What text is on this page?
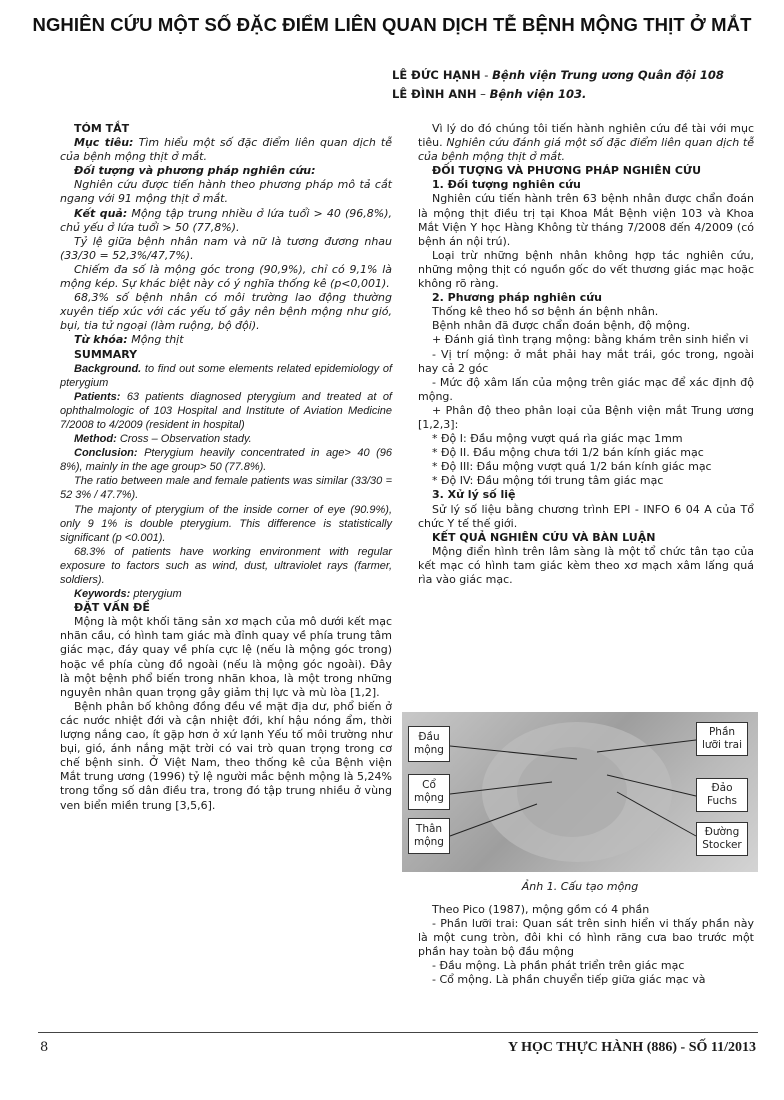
NGHIÊN CỨU MỘT SỐ ĐẶC ĐIỂM LIÊN QUAN DỊCH TỄ BỆNH MỘNG THỊT Ở MẮT
LÊ ĐỨC HẠNH - Bệnh viện Trung ương Quân đội 108
LÊ ĐÌNH ANH – Bệnh viện 103.

TÓM TẮT

Mục tiêu: Tìm hiểu một số đặc điểm liên quan dịch tễ của bệnh mộng thịt ở mắt.

Đối tượng và phương pháp nghiên cứu:

Nghiên cứu được tiến hành theo phương pháp mô tả cắt ngang với 91 mộng thịt ở mắt.

Kết quả: Mộng tập trung nhiều ở lứa tuổi > 40 (96,8%), chủ yếu ở lứa tuổi > 50 (77,8%).

Tỷ lệ giữa bệnh nhân nam và nữ là tương đương nhau (33/30 = 52,3%/47,7%).

Chiếm đa số là mộng góc trong (90,9%), chỉ có 9,1% là mộng kép. Sự khác biệt này có ý nghĩa thống kê (p<0,001).

68,3% số bệnh nhân có môi trường lao động thường xuyên tiếp xúc với các yếu tố gây nên bệnh mộng như gió, bụi, tia tử ngoại (làm ruộng, bộ đội).

Từ khóa: Mộng thịt

SUMMARY

Background. to find out some elements related epidemiology of pterygium

Patients: 63 patients diagnosed pterygium and treated at of ophthalmologic of 103 Hospital and Institute of Aviation Medicine 7/2008 to 4/2009 (resident in hospital)

Method: Cross – Observation stady.

Conclusion: Pterygium heavily concentrated in age> 40 (96 8%), mainly in the age group> 50 (77.8%).

The ratio between male and female patients was similar (33/30 = 52 3% / 47.7%).

The majonty of pterygium of the inside corner of eye (90.9%), only 9 1% is double pterygium. This difference is statistically significant (p <0.001).

68.3% of patients have working environment with regular exposure to factors such as wind, dust, ultraviolet rays (farmer, soldiers).

Keywords: pterygium

ĐẶT VẤN ĐỀ

Mộng là một khối tăng sản xơ mạch của mô dưới kết mạc nhãn cầu, có hình tam giác mà đỉnh quay về phía trung tâm giác mạc, đáy quay về phía cực lệ (nếu là mộng góc trong) hoặc về phía cùng đồ ngoài (nếu là mộng góc ngoài). Đây là một bệnh phổ biến trong nhãn khoa, là một trong những nguyên nhân quan trọng gây giảm thị lực và mù lòa [1,2].

Bệnh phân bố không đồng đều về mặt địa dư, phổ biến ở các nước nhiệt đới và cận nhiệt đới, khí hậu nóng ẩm, thời lượng nắng cao, ít gặp hơn ở xứ lạnh Yếu tố môi trường như bụi, gió, ánh nắng mặt trời có vai trò quan trọng trong cơ chế bệnh sinh. Ở Việt Nam, theo thống kê của Bệnh viện Mắt trung ương (1996) tỷ lệ người mắc bệnh mộng là 5,24% trong tổng số dân điều tra, trong đó tập trung nhiều ở vùng ven biển miền trung [3,5,6].

Vì lý do đó chúng tôi tiến hành nghiên cứu đề tài với mục tiêu. Nghiên cứu đánh giá một số đặc điểm liên quan dịch tễ của bệnh mộng thịt ở mắt.

ĐỐI TƯỢNG VÀ PHƯƠNG PHÁP NGHIÊN CỨU

1. Đối tượng nghiên cứu

Nghiên cứu tiến hành trên 63 bệnh nhân được chẩn đoán là mộng thịt điều trị tại Khoa Mắt Bệnh viện 103 và Khoa Mắt Viện Y học Hàng Không từ tháng 7/2008 đến 4/2009 (có bệnh án nội trú).

Loại trừ những bệnh nhân không hợp tác nghiên cứu, những mộng thịt có nguồn gốc do vết thương giác mạc hoặc không rõ ràng.

2. Phương pháp nghiên cứu

Thống kê theo hồ sơ bệnh án bệnh nhân.

Bệnh nhân đã được chẩn đoán bệnh, độ mộng.

+ Đánh giá tình trạng mộng: bằng khám trên sinh hiển vi

- Vị trí mộng: ở mắt phải hay mắt trái, góc trong, ngoài hay cả 2 góc

- Mức độ xâm lấn của mộng trên giác mạc để xác định độ mộng.

+ Phân độ theo phân loại của Bệnh viện mắt Trung ương [1,2,3]:

* Độ I: Đầu mộng vượt quá rìa giác mạc 1mm

* Độ II. Đầu mộng chưa tới 1/2 bán kính giác mạc

* Độ III: Đầu mộng vượt quá 1/2 bán kính giác mạc

* Độ IV: Đầu mộng tới trung tâm giác mạc

3. Xử lý số liệ

Sử lý số liệu bằng chương trình EPI - INFO 6 04 A của Tổ chức Y tế thế giới.

KẾT QUẢ NGHIÊN CỨU VÀ BÀN LUẬN

Mộng điển hình trên lâm sàng là một tổ chức tân tạo của kết mạc có hình tam giác kèm theo xơ mạch xâm lấng quá rìa vào giác mạc.

Đầu mộng
Cổ mộng
Thân mộng
Phần lưỡi trai
Đảo Fuchs
Đường Stocker
Ảnh 1. Cấu tạo mộng

Theo Pico (1987), mộng gồm có 4 phần

- Phần lưỡi trai: Quan sát trên sinh hiển vi thấy phần này là một cung tròn, đôi khi có hình răng cưa bao trước một phần hay toàn bộ đầu mộng

- Đầu mộng. Là phần phát triển trên giác mạc

- Cổ mộng. Là phần chuyển tiếp giữa giác mạc và

8	Y HỌC THỰC HÀNH (886) - SỐ 11/2013
